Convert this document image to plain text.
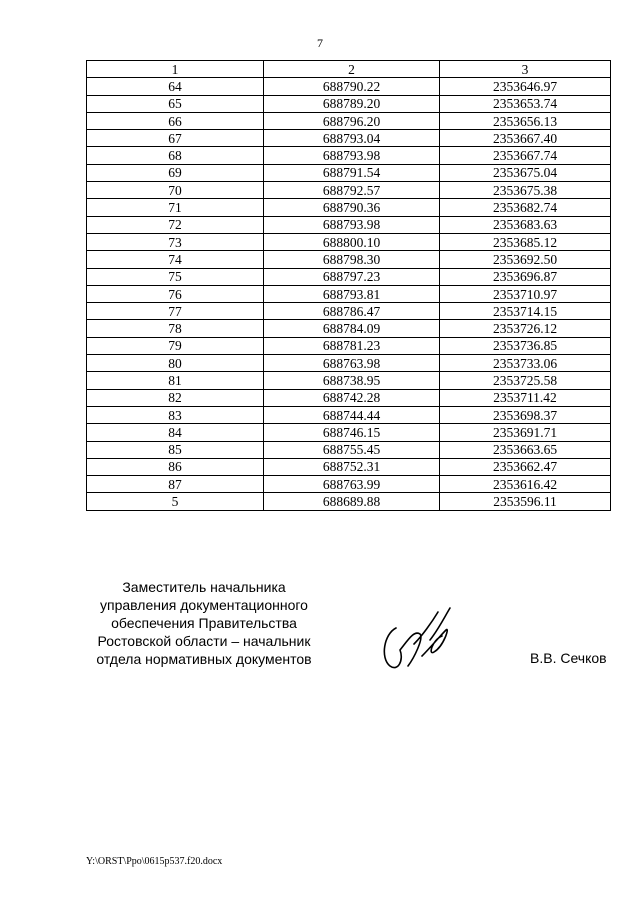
7
1	2	3
64	688790.22	2353646.97
65	688789.20	2353653.74
66	688796.20	2353656.13
67	688793.04	2353667.40
68	688793.98	2353667.74
69	688791.54	2353675.04
70	688792.57	2353675.38
71	688790.36	2353682.74
72	688793.98	2353683.63
73	688800.10	2353685.12
74	688798.30	2353692.50
75	688797.23	2353696.87
76	688793.81	2353710.97
77	688786.47	2353714.15
78	688784.09	2353726.12
79	688781.23	2353736.85
80	688763.98	2353733.06
81	688738.95	2353725.58
82	688742.28	2353711.42
83	688744.44	2353698.37
84	688746.15	2353691.71
85	688755.45	2353663.65
86	688752.31	2353662.47
87	688763.99	2353616.42
5	688689.88	2353596.11
Заместитель начальника
управления документационного
обеспечения Правительства
Ростовской области – начальник
отдела нормативных документов	В.В. Сечков
Y:\ORST\Ppo\0615p537.f20.docx
